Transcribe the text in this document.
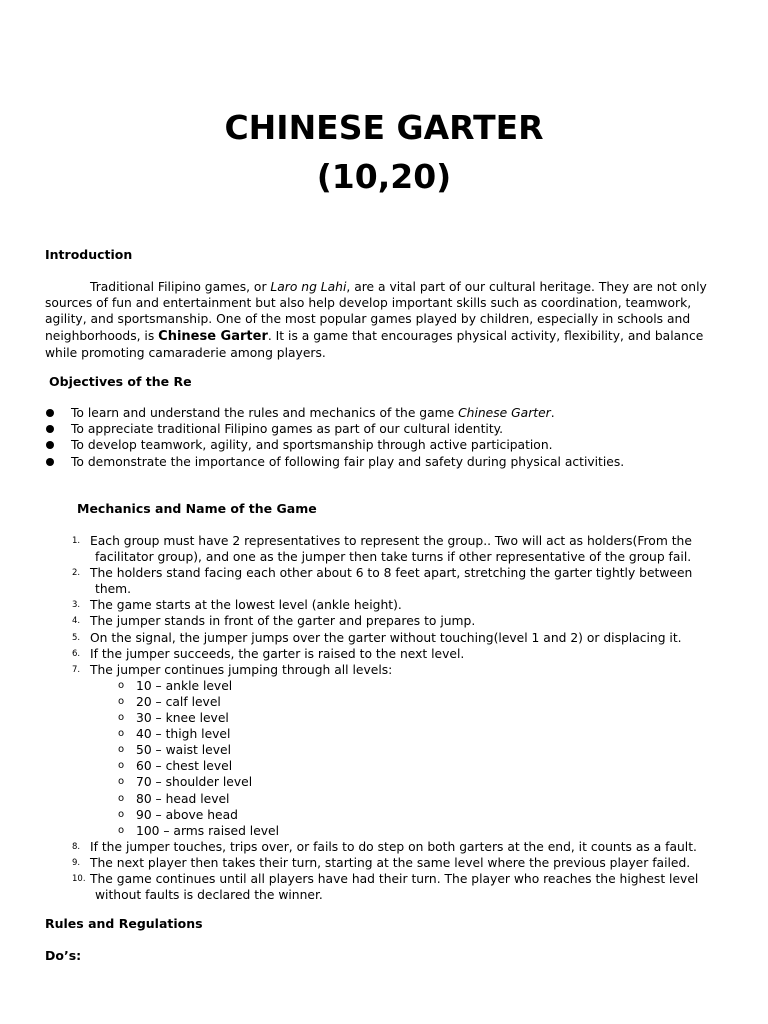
CHINESE GARTER
(10,20)
Introduction

Traditional Filipino games, or Laro ng Lahi, are a vital part of our cultural heritage. They are not only sources of fun and entertainment but also help develop important skills such as coordination, teamwork, agility, and sportsmanship. One of the most popular games played by children, especially in schools and neighborhoods, is Chinese Garter. It is a game that encourages physical activity, flexibility, and balance while promoting camaraderie among players.

Objectives of the Re
To learn and understand the rules and mechanics of the game Chinese Garter.
To appreciate traditional Filipino games as part of our cultural identity.
To develop teamwork, agility, and sportsmanship through active participation.
To demonstrate the importance of following fair play and safety during physical activities.
Mechanics and Name of the Game
1. Each group must have 2 representatives to represent the group.. Two will act as holders(From the
facilitator group), and one as the jumper then take turns if other representative of the group fail.
2. The holders stand facing each other about 6 to 8 feet apart, stretching the garter tightly between
them.
3. The game starts at the lowest level (ankle height).
4. The jumper stands in front of the garter and prepares to jump.
5. On the signal, the jumper jumps over the garter without touching(level 1 and 2) or displacing it.
6. If the jumper succeeds, the garter is raised to the next level.
7. The jumper continues jumping through all levels:
o 10 – ankle level
o 20 – calf level
o 30 – knee level
o 40 – thigh level
o 50 – waist level
o 60 – chest level
o 70 – shoulder level
o 80 – head level
o 90 – above head
o 100 – arms raised level
8. If the jumper touches, trips over, or fails to do step on both garters at the end, it counts as a fault.
9. The next player then takes their turn, starting at the same level where the previous player failed.
10. The game continues until all players have had their turn. The player who reaches the highest level
without faults is declared the winner.
Rules and Regulations
Do’s:
